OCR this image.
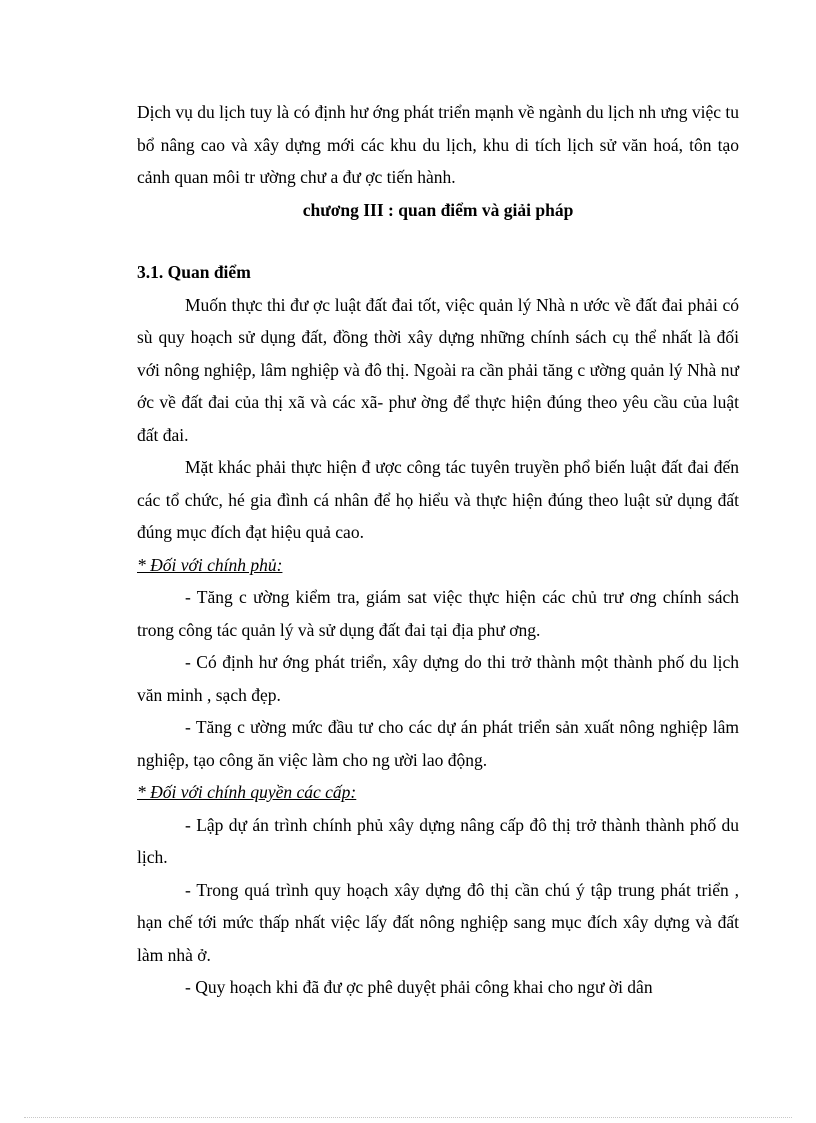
Dịch vụ du lịch tuy là có định hư ớng phát triển mạnh về ngành du lịch nh ưng việc tu bổ nâng cao và xây dựng mới các khu du lịch, khu di tích lịch sử văn hoá, tôn tạo cảnh quan môi tr ường chư a đư ợc tiến hành.

chương III : quan điểm và giải pháp

3.1. Quan điểm

Muốn thực thi đư ợc luật đất đai tốt, việc quản lý Nhà n ước về đất đai phải có sù quy hoạch sử dụng đất, đồng thời xây dựng những chính sách cụ thể nhất là đối với nông nghiệp, lâm nghiệp và đô thị. Ngoài ra cần phải tăng c ường quản lý Nhà nư ớc về đất đai của thị xã và các xã- phư ờng để thực hiện đúng theo yêu cầu của luật đất đai.

Mặt khác phải thực hiện đ ược công tác tuyên truyền phổ biến luật đất đai đến các tổ chức, hé gia đình cá nhân để họ hiểu và thực hiện đúng theo luật sử dụng đất đúng mục đích đạt hiệu quả cao.

* Đối với chính phủ:

- Tăng c ường kiểm tra, giám sat việc thực hiện các chủ trư ơng chính sách trong công tác quản lý và sử dụng đất đai tại địa phư ơng.

- Có định hư ớng phát triển, xây dựng do thi trở thành một thành phố du lịch văn minh , sạch đẹp.

- Tăng c ường mức đầu tư cho các dự án phát triển sản xuất nông nghiệp lâm nghiệp, tạo công ăn việc làm cho ng ười lao động.

* Đối với chính quyền các cấp:

- Lập dự án trình chính phủ xây dựng nâng cấp đô thị trở thành thành phố du lịch.

- Trong quá trình quy hoạch xây dựng đô thị cần chú ý tập trung phát triển , hạn chế tới mức thấp nhất việc lấy đất nông nghiệp sang mục đích xây dựng và đất làm nhà ở.

- Quy hoạch khi đã đư ợc phê duyệt phải công khai cho ngư ời dân
